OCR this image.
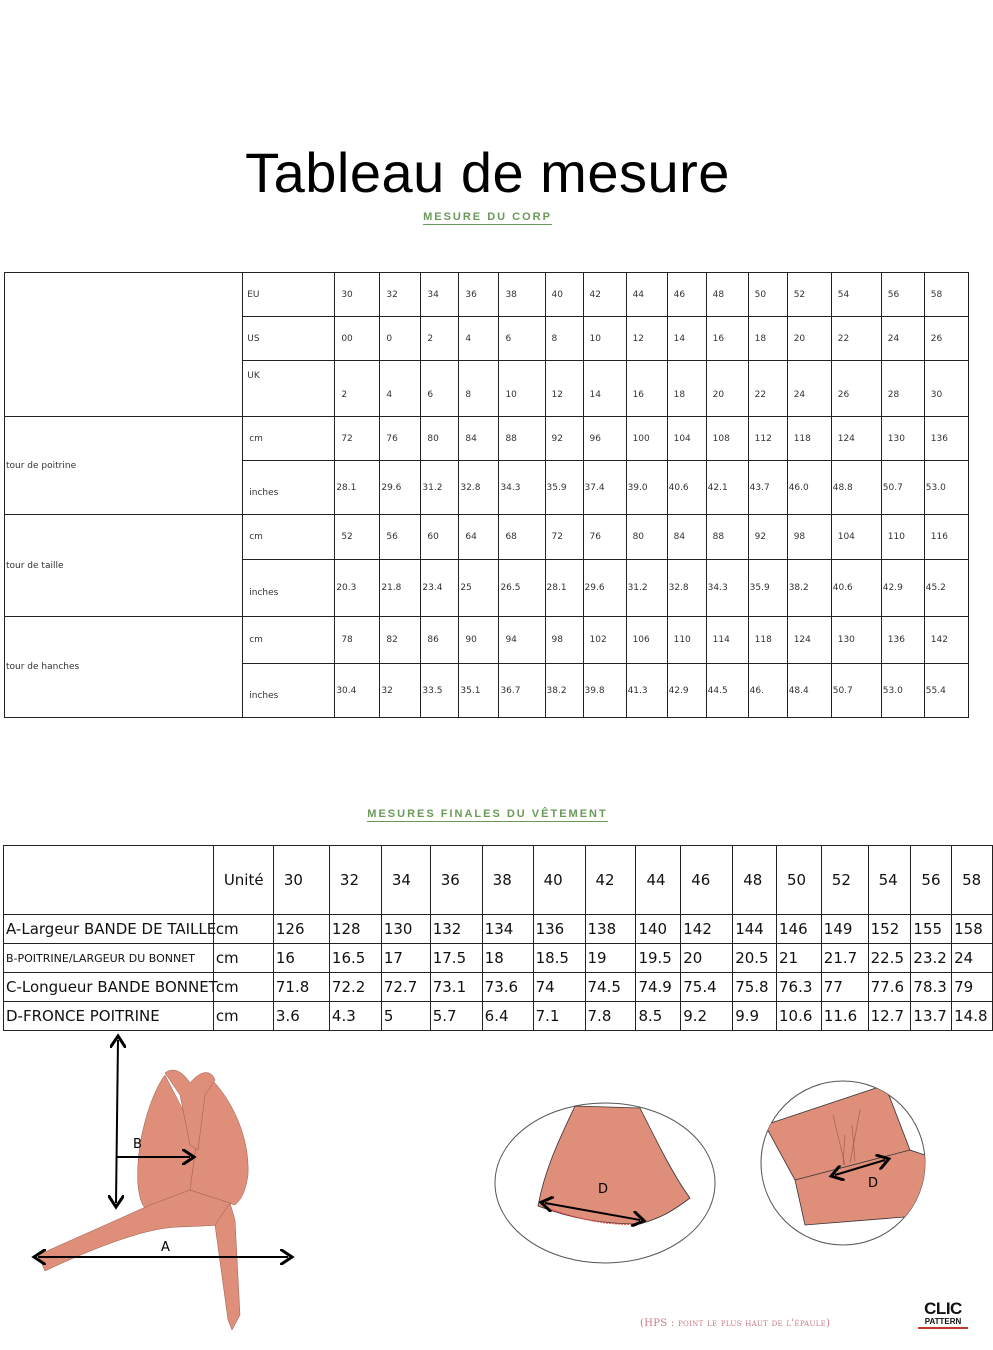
Tableau de mesure
MESURE DU CORP
	EU	30	32	34	36	38	40	42	44	46	48	50	52	54	56	58
	US	00	0	2	4	6	8	10	12	14	16	18	20	22	24	26
	UK	2	4	6	8	10	12	14	16	18	20	22	24	26	28	30
tour de poitrine	cm	72	76	80	84	88	92	96	100	104	108	112	118	124	130	136
	inches	28.1	29.6	31.2	32.8	34.3	35.9	37.4	39.0	40.6	42.1	43.7	46.0	48.8	50.7	53.0
tour de taille	cm	52	56	60	64	68	72	76	80	84	88	92	98	104	110	116
	inches	20.3	21.8	23.4	25	26.5	28.1	29.6	31.2	32.8	34.3	35.9	38.2	40.6	42.9	45.2
tour de hanches	cm	78	82	86	90	94	98	102	106	110	114	118	124	130	136	142
	inches	30.4	32	33.5	35.1	36.7	38.2	39.8	41.3	42.9	44.5	46.	48.4	50.7	53.0	55.4
MESURES FINALES DU VÊTEMENT
	Unité	30	32	34	36	38	40	42	44	46	48	50	52	54	56	58
A-Largeur BANDE DE TAILLE	cm	126	128	130	132	134	136	138	140	142	144	146	149	152	155	158
B-POITRINE/LARGEUR DU BONNET	cm	16	16.5	17	17.5	18	18.5	19	19.5	20	20.5	21	21.7	22.5	23.2	24
C-Longueur BANDE BONNET	cm	71.8	72.2	72.7	73.1	73.6	74	74.5	74.9	75.4	75.8	76.3	77	77.6	78.3	79
D-FRONCE POITRINE	cm	3.6	4.3	5	5.7	6.4	7.1	7.8	8.5	9.2	9.9	10.6	11.6	12.7	13.7	14.8
B
A
D	D
(HPS : point le plus haut de l'épaule)
CLIC
PATTERN
